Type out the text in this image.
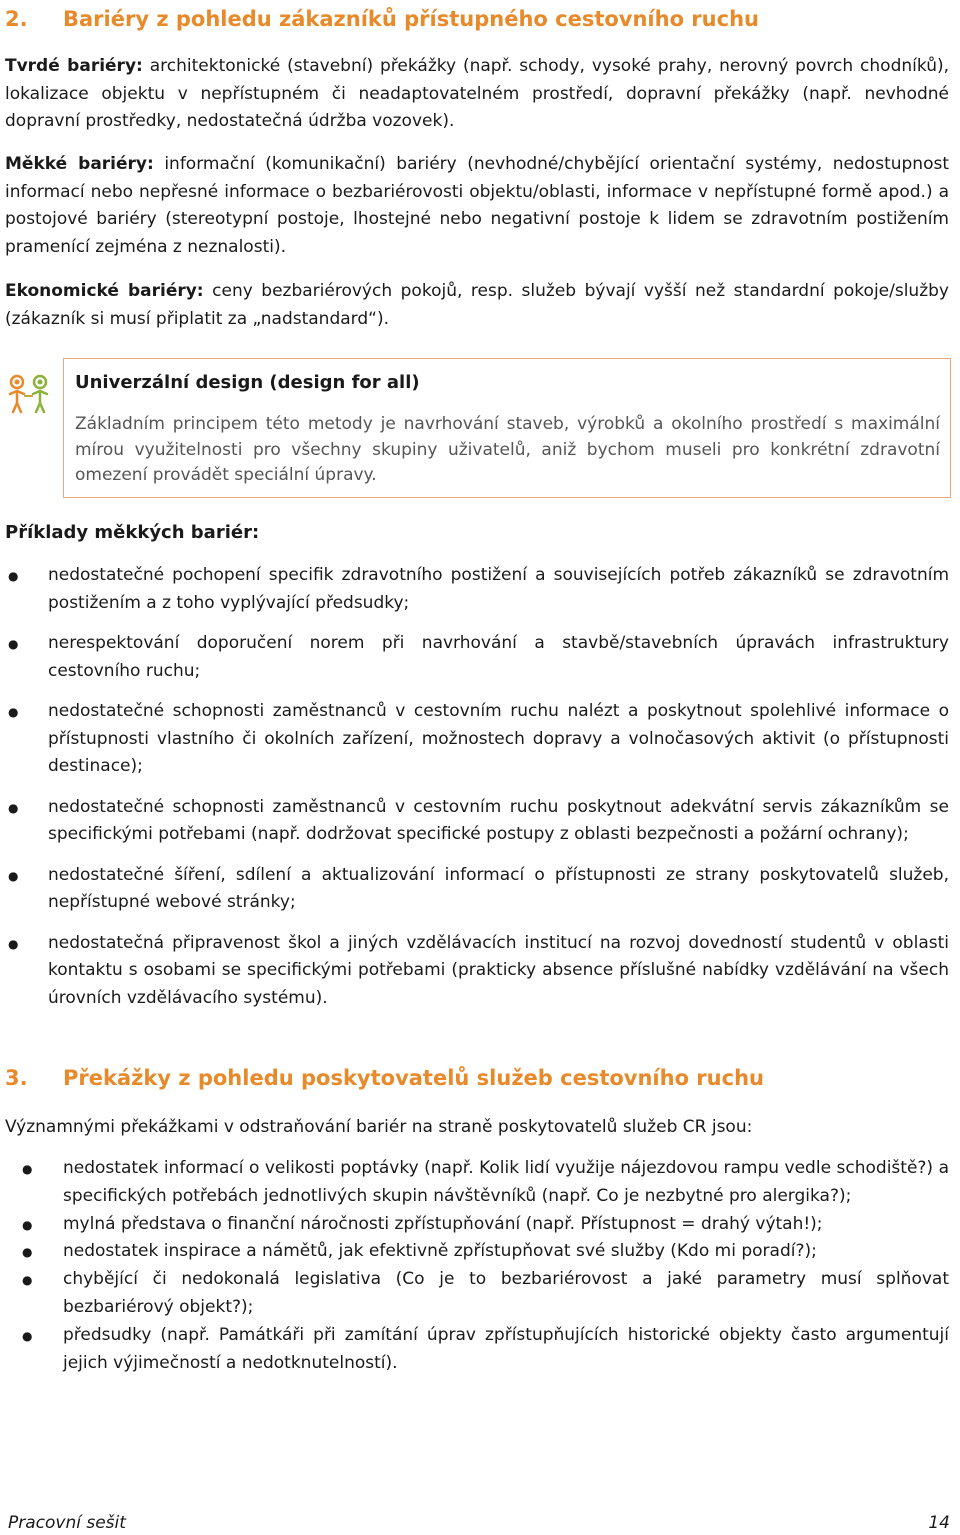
2. Bariéry z pohledu zákazníků přístupného cestovního ruchu
Tvrdé bariéry: architektonické (stavební) překážky (např. schody, vysoké prahy, nerovný povrch chodníků), lokalizace objektu v nepřístupném či neadaptovatelném prostředí, dopravní překážky (např. nevhodné dopravní prostředky, nedostatečná údržba vozovek).
Měkké bariéry: informační (komunikační) bariéry (nevhodné/chybějící orientační systémy, nedostupnost informací nebo nepřesné informace o bezbariérovosti objektu/oblasti, informace v nepřístupné formě apod.) a postojové bariéry (stereotypní postoje, lhostejné nebo negativní postoje k lidem se zdravotním postižením pramenící zejména z neznalosti).
Ekonomické bariéry: ceny bezbariérových pokojů, resp. služeb bývají vyšší než standardní pokoje/služby (zákazník si musí připlatit za „nadstandard“).
Univerzální design (design for all)
Základním principem této metody je navrhování staveb, výrobků a okolního prostředí s maximální mírou využitelnosti pro všechny skupiny uživatelů, aniž bychom museli pro konkrétní zdravotní omezení provádět speciální úpravy.
Příklady měkkých bariér:
● nedostatečné pochopení specifik zdravotního postižení a souvisejících potřeb zákazníků se zdravotním postižením a z toho vyplývající předsudky;
● nerespektování doporučení norem při navrhování a stavbě/stavebních úpravách infrastruktury cestovního ruchu;
● nedostatečné schopnosti zaměstnanců v cestovním ruchu nalézt a poskytnout spolehlivé informace o přístupnosti vlastního či okolních zařízení, možnostech dopravy a volnočasových aktivit (o přístupnosti destinace);
● nedostatečné schopnosti zaměstnanců v cestovním ruchu poskytnout adekvátní servis zákazníkům se specifickými potřebami (např. dodržovat specifické postupy z oblasti bezpečnosti a požární ochrany);
● nedostatečné šíření, sdílení a aktualizování informací o přístupnosti ze strany poskytovatelů služeb, nepřístupné webové stránky;
● nedostatečná připravenost škol a jiných vzdělávacích institucí na rozvoj dovedností studentů v oblasti kontaktu s osobami se specifickými potřebami (prakticky absence příslušné nabídky vzdělávání na všech úrovních vzdělávacího systému).
3. Překážky z pohledu poskytovatelů služeb cestovního ruchu
Významnými překážkami v odstraňování bariér na straně poskytovatelů služeb CR jsou:
● nedostatek informací o velikosti poptávky (např. Kolik lidí využije nájezdovou rampu vedle schodiště?) a specifických potřebách jednotlivých skupin návštěvníků (např. Co je nezbytné pro alergika?);
● mylná představa o finanční náročnosti zpřístupňování (např. Přístupnost = drahý výtah!);
● nedostatek inspirace a námětů, jak efektivně zpřístupňovat své služby (Kdo mi poradí?);
● chybějící či nedokonalá legislativa (Co je to bezbariérovost a jaké parametry musí splňovat bezbariérový objekt?);
● předsudky (např. Památkáři při zamítání úprav zpřístupňujících historické objekty často argumentují jejich výjimečností a nedotknutelností).
Pracovní sešit	14
